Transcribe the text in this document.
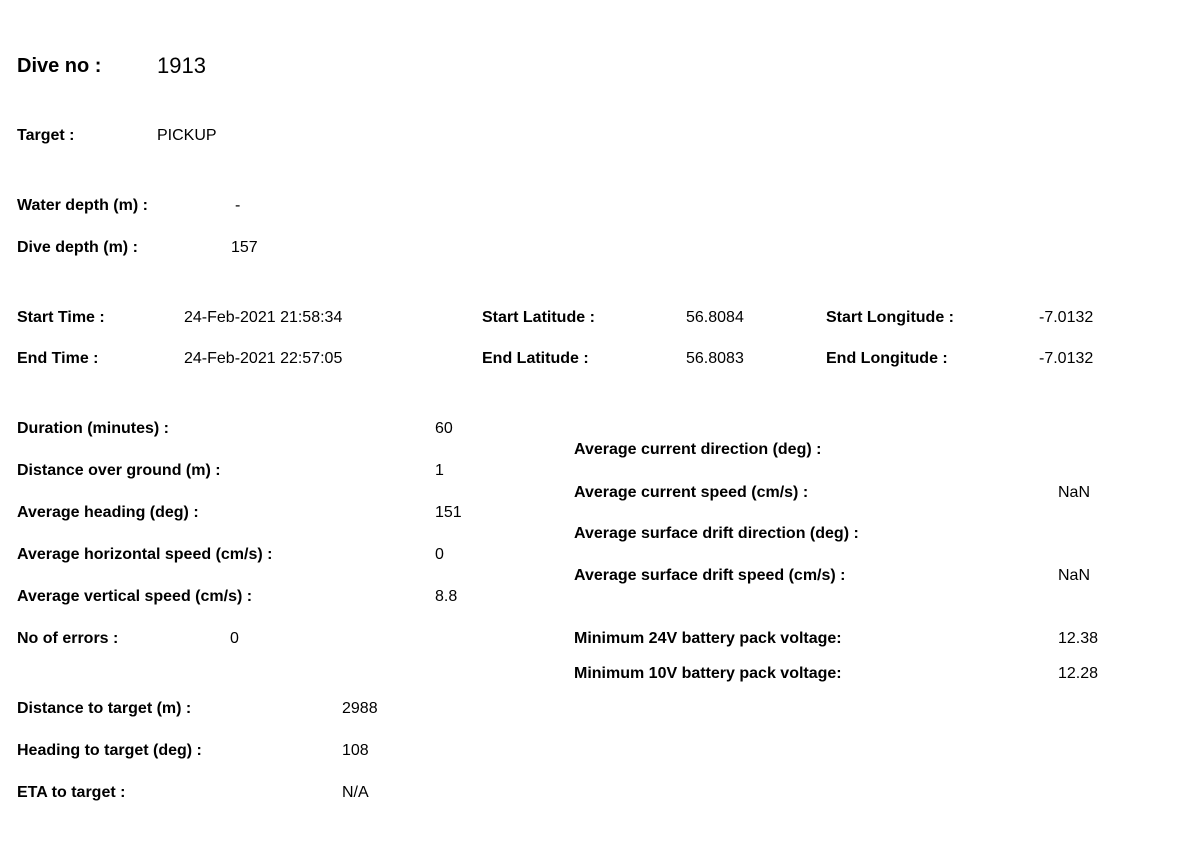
Dive no :	1913
Target :	PICKUP
Water depth (m) :	-
Dive depth (m) :	157
Start Time :	24-Feb-2021 21:58:34
End Time :	24-Feb-2021 22:57:05
Start Latitude :	56.8084
End Latitude :	56.8083
Start Longitude :	-7.0132
End Longitude :	-7.0132
Duration (minutes) :	60
Distance over ground (m) :	1
Average heading (deg) :	151
Average horizontal speed (cm/s) :	0
Average vertical speed (cm/s) :	8.8
No of errors :	0
Average current direction (deg) :
Average current speed (cm/s) :	NaN
Average surface drift direction (deg) :
Average surface drift speed (cm/s) :	NaN
Minimum 24V battery pack voltage:	12.38
Minimum 10V battery pack voltage:	12.28
Distance to target (m) :	2988
Heading to target (deg) :	108
ETA to target :	N/A
